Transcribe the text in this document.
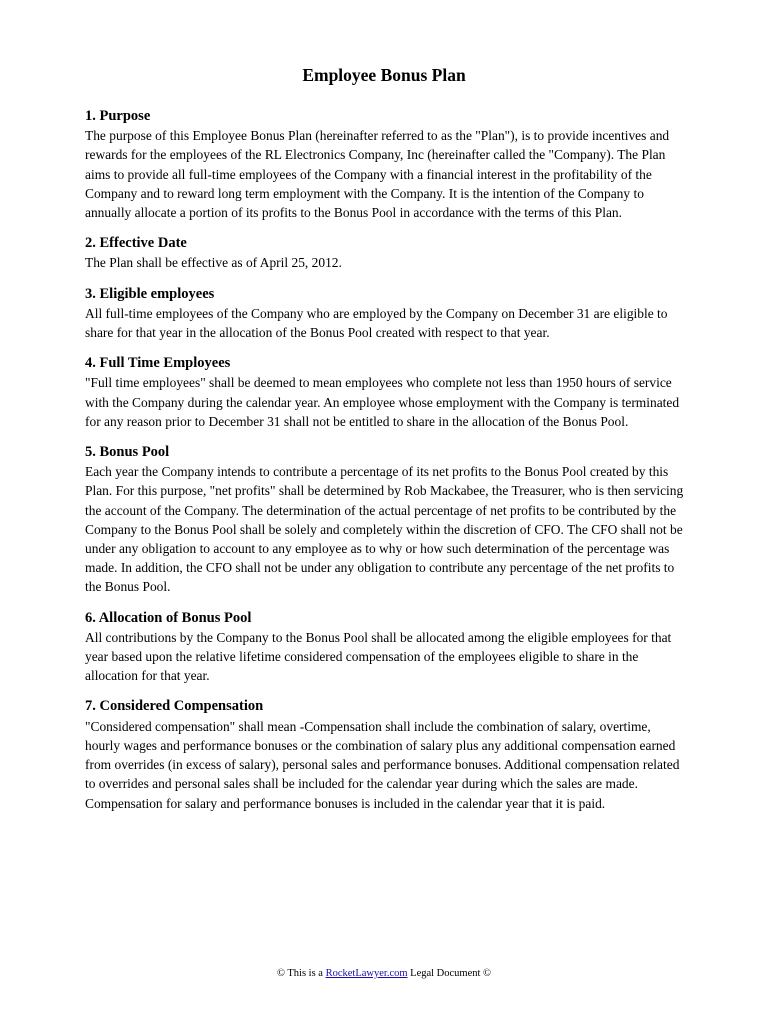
Employee Bonus Plan
1. Purpose

The purpose of this Employee Bonus Plan (hereinafter referred to as the "Plan"), is to provide incentives and rewards for the employees of the RL Electronics Company, Inc (hereinafter called the "Company). The Plan aims to provide all full-time employees of the Company with a financial interest in the profitability of the Company and to reward long term employment with the Company. It is the intention of the Company to annually allocate a portion of its profits to the Bonus Pool in accordance with the terms of this Plan.

2. Effective Date

The Plan shall be effective as of April 25, 2012.

3. Eligible employees

All full-time employees of the Company who are employed by the Company on December 31 are eligible to share for that year in the allocation of the Bonus Pool created with respect to that year.

4. Full Time Employees

"Full time employees" shall be deemed to mean employees who complete not less than 1950 hours of service with the Company during the calendar year. An employee whose employment with the Company is terminated for any reason prior to December 31 shall not be entitled to share in the allocation of the Bonus Pool.

5. Bonus Pool

Each year the Company intends to contribute a percentage of its net profits to the Bonus Pool created by this Plan. For this purpose, "net profits" shall be determined by Rob Mackabee, the Treasurer, who is then servicing the account of the Company. The determination of the actual percentage of net profits to be contributed by the Company to the Bonus Pool shall be solely and completely within the discretion of CFO. The CFO shall not be under any obligation to account to any employee as to why or how such determination of the percentage was made. In addition, the CFO shall not be under any obligation to contribute any percentage of the net profits to the Bonus Pool.

6. Allocation of Bonus Pool

All contributions by the Company to the Bonus Pool shall be allocated among the eligible employees for that year based upon the relative lifetime considered compensation of the employees eligible to share in the allocation for that year.

7. Considered Compensation

"Considered compensation" shall mean -Compensation shall include the combination of salary, overtime, hourly wages and performance bonuses or the combination of salary plus any additional compensation earned from overrides (in excess of salary), personal sales and performance bonuses. Additional compensation related to overrides and personal sales shall be included for the calendar year during which the sales are made. Compensation for salary and performance bonuses is included in the calendar year that it is paid.

© This is a RocketLawyer.com Legal Document ©
